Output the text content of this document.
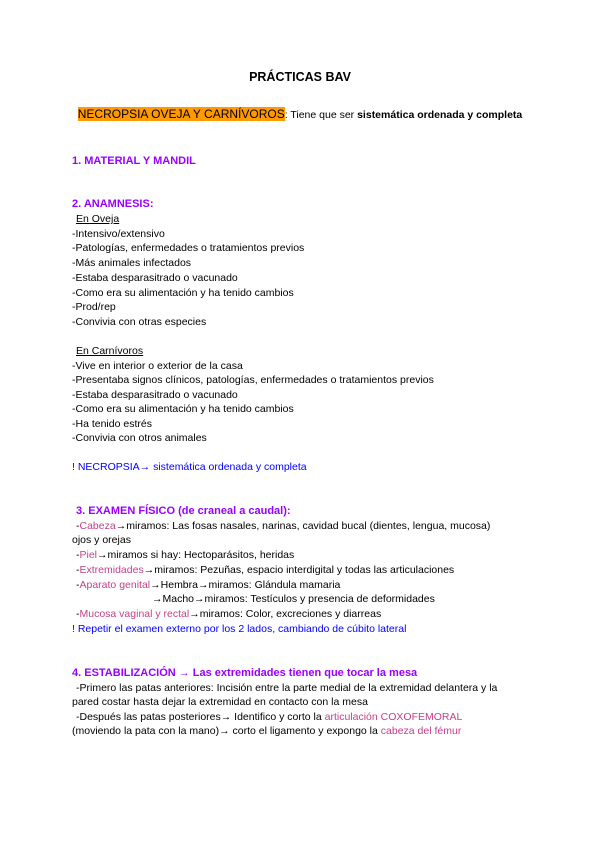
PRÁCTICAS BAV
NECROPSIA OVEJA Y CARNÍVOROS: Tiene que ser sistemática ordenada y completa
1. MATERIAL Y MANDIL
2. ANAMNESIS:
En Oveja
-Intensivo/extensivo
-Patologías, enfermedades o tratamientos previos
-Más animales infectados
-Estaba desparasitrado o vacunado
-Como era su alimentación y ha tenido cambios
-Prod/rep
-Convivia con otras especies
En Carnívoros
-Vive en interior o exterior de la casa
-Presentaba signos clínicos, patologías, enfermedades o tratamientos previos
-Estaba desparasitrado o vacunado
-Como era su alimentación y ha tenido cambios
-Ha tenido estrés
-Convivia con otros animales
! NECROPSIA→ sistemática ordenada y completa
3. EXAMEN FÍSICO (de craneal a caudal):
-Cabeza→miramos: Las fosas nasales, narinas, cavidad bucal (dientes, lengua, mucosa)
ojos y orejas
-Piel→miramos si hay: Hectoparásitos, heridas
-Extremidades→miramos: Pezuñas, espacio interdigital y todas las articulaciones
-Aparato genital→Hembra→miramos: Glándula mamaria
→Macho→miramos: Testículos y presencia de deformidades
-Mucosa vaginal y rectal→miramos: Color, excreciones y diarreas
! Repetir el examen externo por los 2 lados, cambiando de cúbito lateral
4. ESTABILIZACIÓN → Las extremidades tienen que tocar la mesa
-Primero las patas anteriores: Incisión entre la parte medial de la extremidad delantera y la
pared costar hasta dejar la extremidad en contacto con la mesa
-Después las patas posteriores→ Identifico y corto la articulación COXOFEMORAL
(moviendo la pata con la mano)→ corto el ligamento y expongo la cabeza del fémur
